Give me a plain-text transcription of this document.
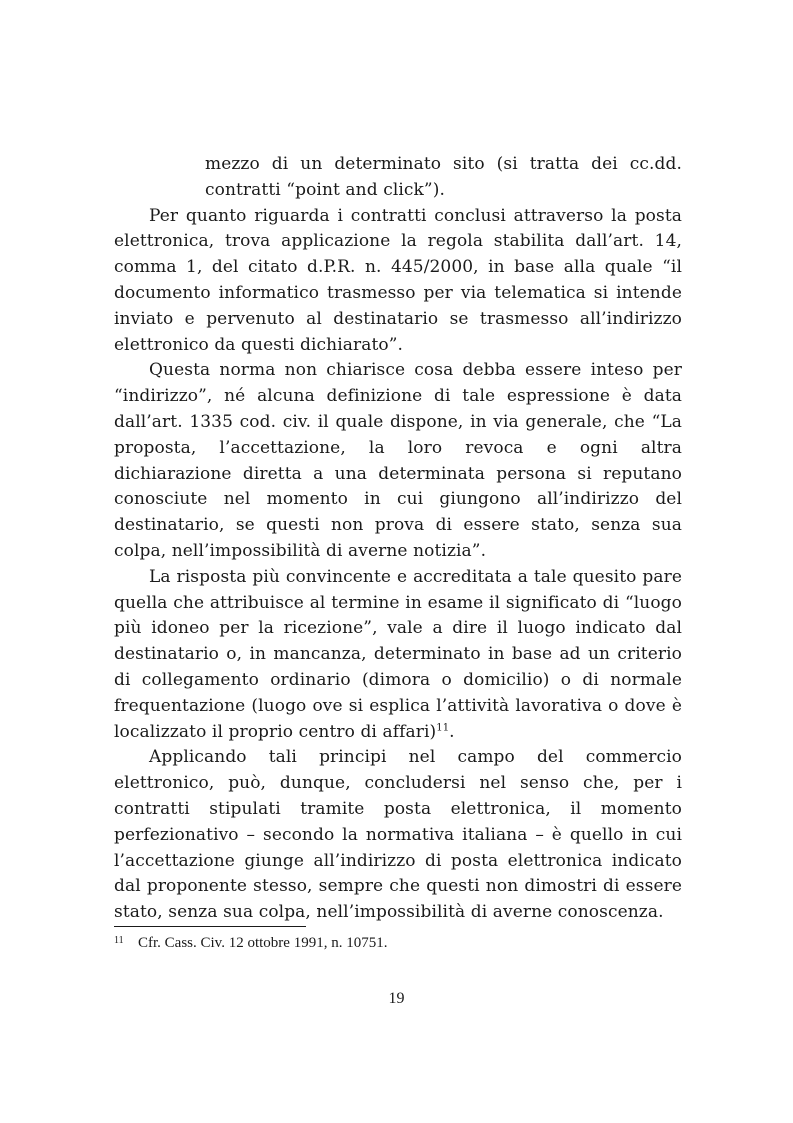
mezzo di un determinato sito (si tratta dei cc.dd. contratti “point and click”).

Per quanto riguarda i contratti conclusi attraverso la posta elettronica, trova applicazione la regola stabilita dall’art. 14, comma 1, del citato d.P.R. n. 445/2000, in base alla quale “il documento informatico trasmesso per via telematica si intende inviato e pervenuto al destinatario se trasmesso all’indirizzo elettronico da questi dichiarato”.

Questa norma non chiarisce cosa debba essere inteso per “indirizzo”, né alcuna definizione di tale espressione è data dall’art. 1335 cod. civ. il quale dispone, in via generale, che “La proposta, l’accettazione, la loro revoca e ogni altra dichiarazione diretta a una determinata persona si reputano conosciute nel momento in cui giungono all’indirizzo del destinatario, se questi non prova di essere stato, senza sua colpa, nell’impossibilità di averne notizia”.

La risposta più convincente e accreditata a tale quesito pare quella che attribuisce al termine in esame il significato di “luogo più idoneo per la ricezione”, vale a dire il luogo indicato dal destinatario o, in mancanza, determinato in base ad un criterio di collegamento ordinario (dimora o domicilio) o di normale frequentazione (luogo ove si esplica l’attività lavorativa o dove è localizzato il proprio centro di affari)$^{11}$.

Applicando tali principi nel campo del commercio elettronico, può, dunque, concludersi nel senso che, per i contratti stipulati tramite posta elettronica, il momento perfezionativo – secondo la normativa italiana – è quello in cui l’accettazione giunge all’indirizzo di posta elettronica indicato dal proponente stesso, sempre che questi non dimostri di essere stato, senza sua colpa, nell’impossibilità di averne conoscenza.

11 Cfr. Cass. Civ. 12 ottobre 1991, n. 10751.
19
